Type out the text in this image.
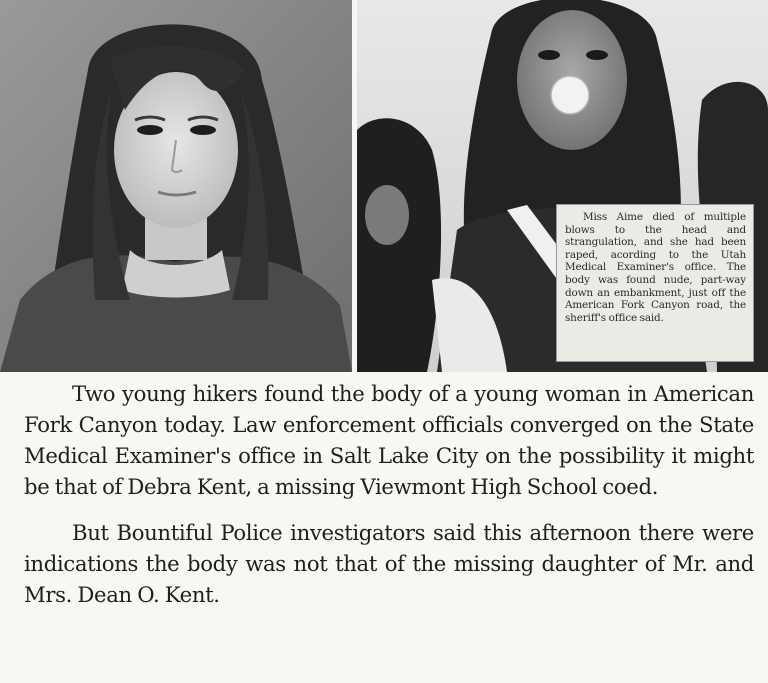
Miss Aime died of multiple blows to the head and strangulation, and she had been raped, acording to the Utah Medical Examiner's office. The body was found nude, part-way down an embankment, just off the American Fork Canyon road, the sheriff's office said.

Two young hikers found the body of a young woman in American Fork Canyon today. Law enforcement officials converged on the State Medical Examiner's office in Salt Lake City on the possibility it might be that of Debra Kent, a missing Viewmont High School coed.

But Bountiful Police investigators said this afternoon there were indications the body was not that of the missing daughter of Mr. and Mrs. Dean O. Kent.
